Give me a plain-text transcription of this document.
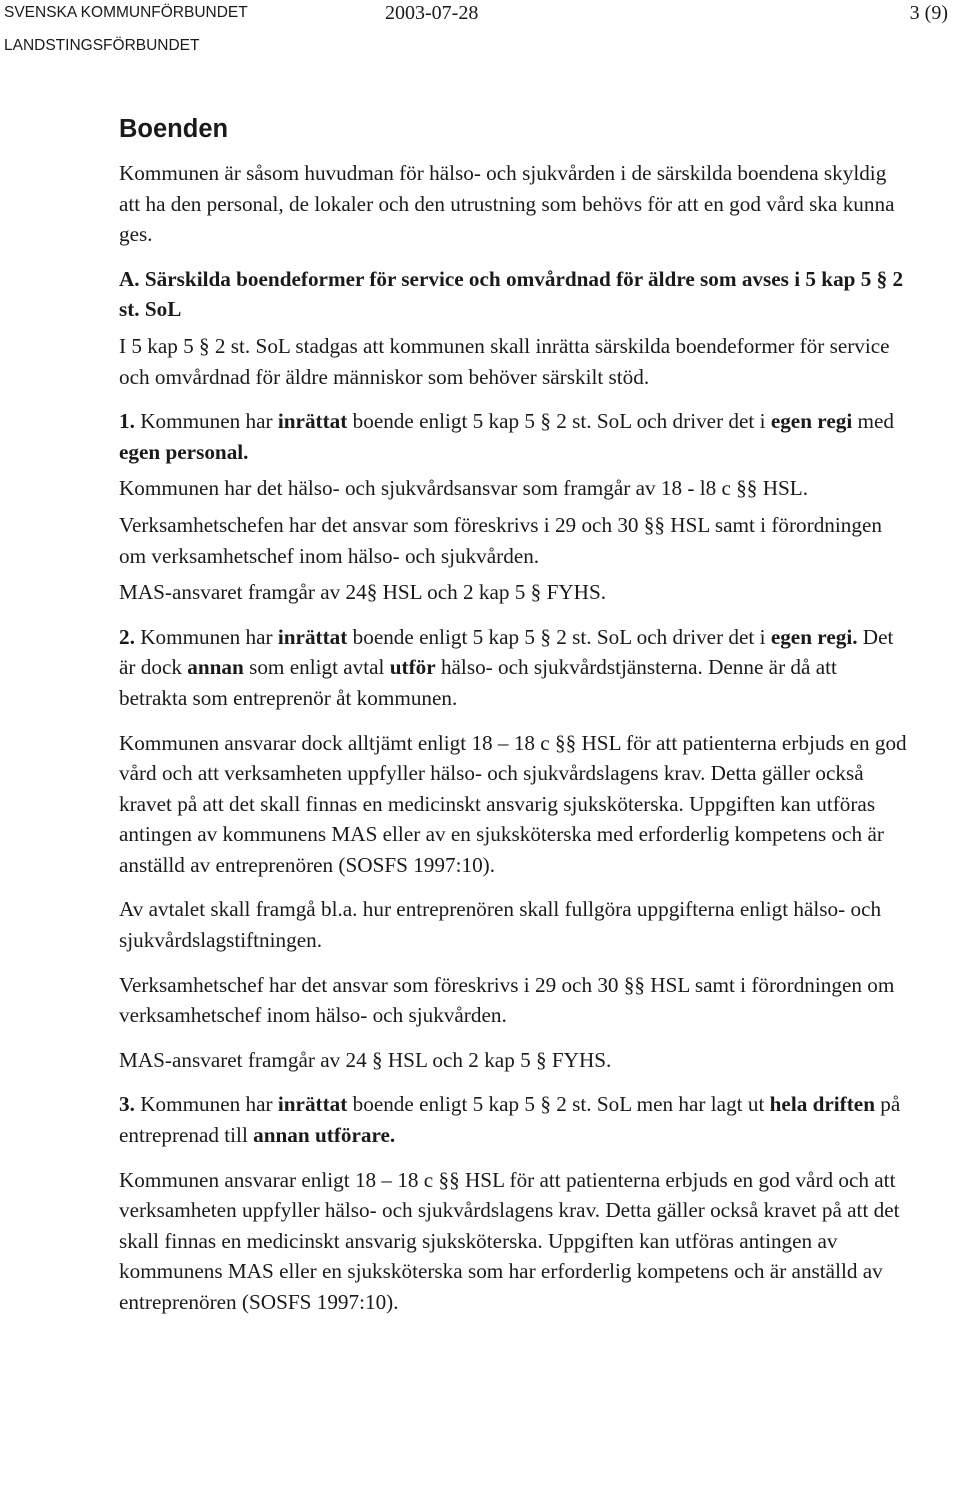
SVENSKA KOMMUNFÖRBUNDET
LANDSTINGSFÖRBUNDET
2003-07-28	3 (9)
Boenden

Kommunen är såsom huvudman för hälso- och sjukvården i de särskilda boendena skyldig att ha den personal, de lokaler och den utrustning som behövs för att en god vård ska kunna ges.

A. Särskilda boendeformer för service och omvårdnad för äldre som avses i 5 kap 5 § 2 st. SoL

I 5 kap 5 § 2 st. SoL stadgas att kommunen skall inrätta särskilda boendeformer för service och omvårdnad för äldre människor som behöver särskilt stöd.

1. Kommunen har inrättat boende enligt 5 kap 5 § 2 st. SoL och driver det i egen regi med egen personal.

Kommunen har det hälso- och sjukvårdsansvar som framgår av 18 - l8 c §§ HSL.

Verksamhetschefen har det ansvar som föreskrivs i 29 och 30 §§ HSL samt i förordningen om verksamhetschef inom hälso- och sjukvården.

MAS-ansvaret framgår av 24§ HSL och 2 kap 5 § FYHS.

2. Kommunen har inrättat boende enligt 5 kap 5 § 2 st. SoL och driver det i egen regi. Det är dock annan som enligt avtal utför hälso- och sjukvårdstjänsterna. Denne är då att betrakta som entreprenör åt kommunen.

Kommunen ansvarar dock alltjämt enligt 18 – 18 c §§ HSL för att patienterna erbjuds en god vård och att verksamheten uppfyller hälso- och sjukvårdslagens krav. Detta gäller också kravet på att det skall finnas en medicinskt ansvarig sjuksköterska. Uppgiften kan utföras antingen av kommunens MAS eller av en sjuksköterska med erforderlig kompetens och är anställd av entreprenören (SOSFS 1997:10).

Av avtalet skall framgå bl.a. hur entreprenören skall fullgöra uppgifterna enligt hälso- och sjukvårdslagstiftningen.

Verksamhetschef har det ansvar som föreskrivs i 29 och 30 §§ HSL samt i förordningen om verksamhetschef inom hälso- och sjukvården.

MAS-ansvaret framgår av 24 § HSL och 2 kap 5 § FYHS.

3. Kommunen har inrättat boende enligt 5 kap 5 § 2 st. SoL men har lagt ut hela driften på entreprenad till annan utförare.

Kommunen ansvarar enligt 18 – 18 c §§ HSL för att patienterna erbjuds en god vård och att verksamheten uppfyller hälso- och sjukvårdslagens krav. Detta gäller också kravet på att det skall finnas en medicinskt ansvarig sjuksköterska. Uppgiften kan utföras antingen av kommunens MAS eller en sjuksköterska som har erforderlig kompetens och är anställd av entreprenören (SOSFS 1997:10).
